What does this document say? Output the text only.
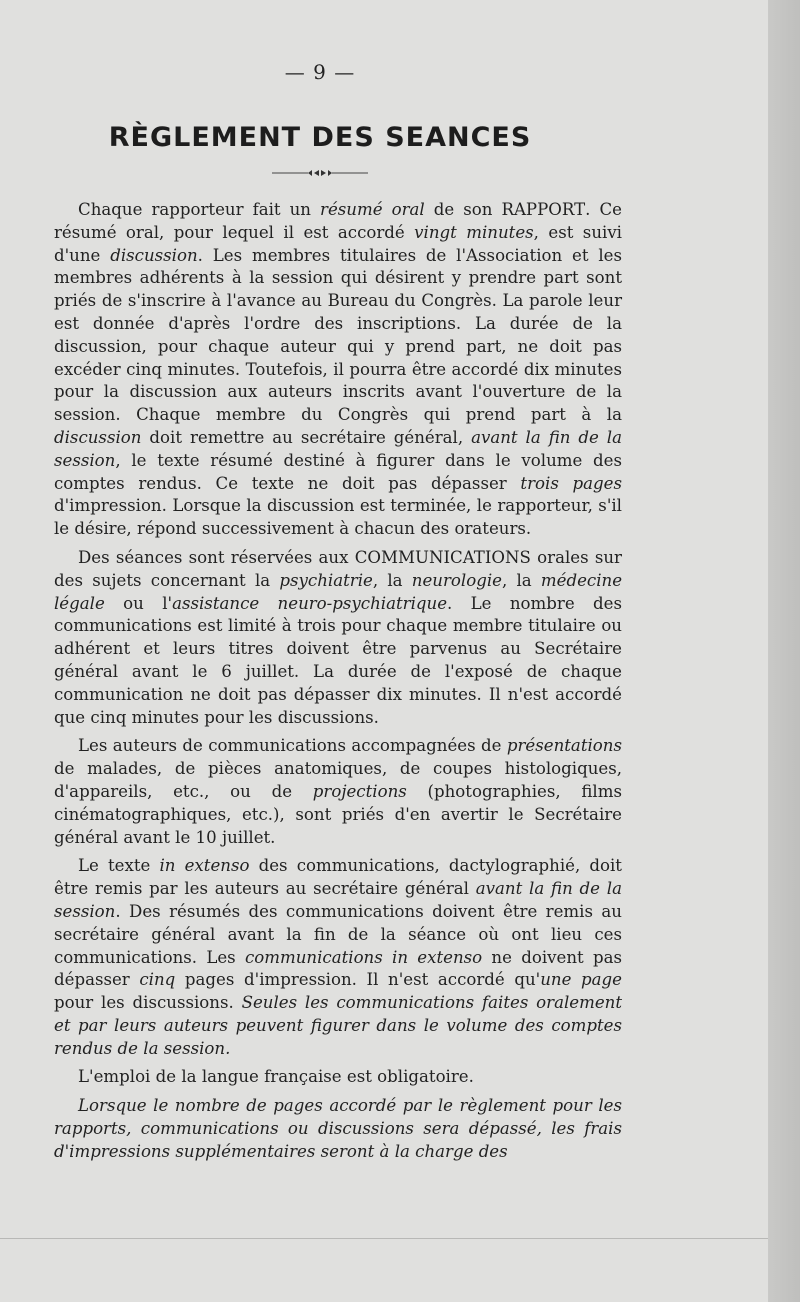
— 9 —
RÈGLEMENT DES SEANCES

Chaque rapporteur fait un résumé oral de son RAPPORT. Ce résumé oral, pour lequel il est accordé vingt minutes, est suivi d'une discussion. Les membres titulaires de l'Association et les membres adhérents à la session qui désirent y prendre part sont priés de s'inscrire à l'avance au Bureau du Congrès. La parole leur est donnée d'après l'ordre des inscriptions. La durée de la discussion, pour chaque auteur qui y prend part, ne doit pas excéder cinq minutes. Toutefois, il pourra être accordé dix minutes pour la discussion aux auteurs inscrits avant l'ouverture de la session. Chaque membre du Congrès qui prend part à la discussion doit remettre au secrétaire général, avant la fin de la session, le texte résumé destiné à figurer dans le volume des comptes rendus. Ce texte ne doit pas dépasser trois pages d'impression. Lorsque la discussion est terminée, le rapporteur, s'il le désire, répond successivement à chacun des orateurs.

Des séances sont réservées aux COMMUNICATIONS orales sur des sujets concernant la psychiatrie, la neurologie, la médecine légale ou l'assistance neuro-psychiatrique. Le nombre des communications est limité à trois pour chaque membre titulaire ou adhérent et leurs titres doivent être parvenus au Secrétaire général avant le 6 juillet. La durée de l'exposé de chaque communication ne doit pas dépasser dix minutes. Il n'est accordé que cinq minutes pour les discussions.

Les auteurs de communications accompagnées de présentations de malades, de pièces anatomiques, de coupes histologiques, d'appareils, etc., ou de projections (photographies, films cinématographiques, etc.), sont priés d'en avertir le Secrétaire général avant le 10 juillet.

Le texte in extenso des communications, dactylographié, doit être remis par les auteurs au secrétaire général avant la fin de la session. Des résumés des communications doivent être remis au secrétaire général avant la fin de la séance où ont lieu ces communications. Les communications in extenso ne doivent pas dépasser cinq pages d'impression. Il n'est accordé qu'une page pour les discussions. Seules les communications faites oralement et par leurs auteurs peuvent figurer dans le volume des comptes rendus de la session.

L'emploi de la langue française est obligatoire.

Lorsque le nombre de pages accordé par le règlement pour les rapports, communications ou discussions sera dépassé, les frais d'impressions supplémentaires seront à la charge des
